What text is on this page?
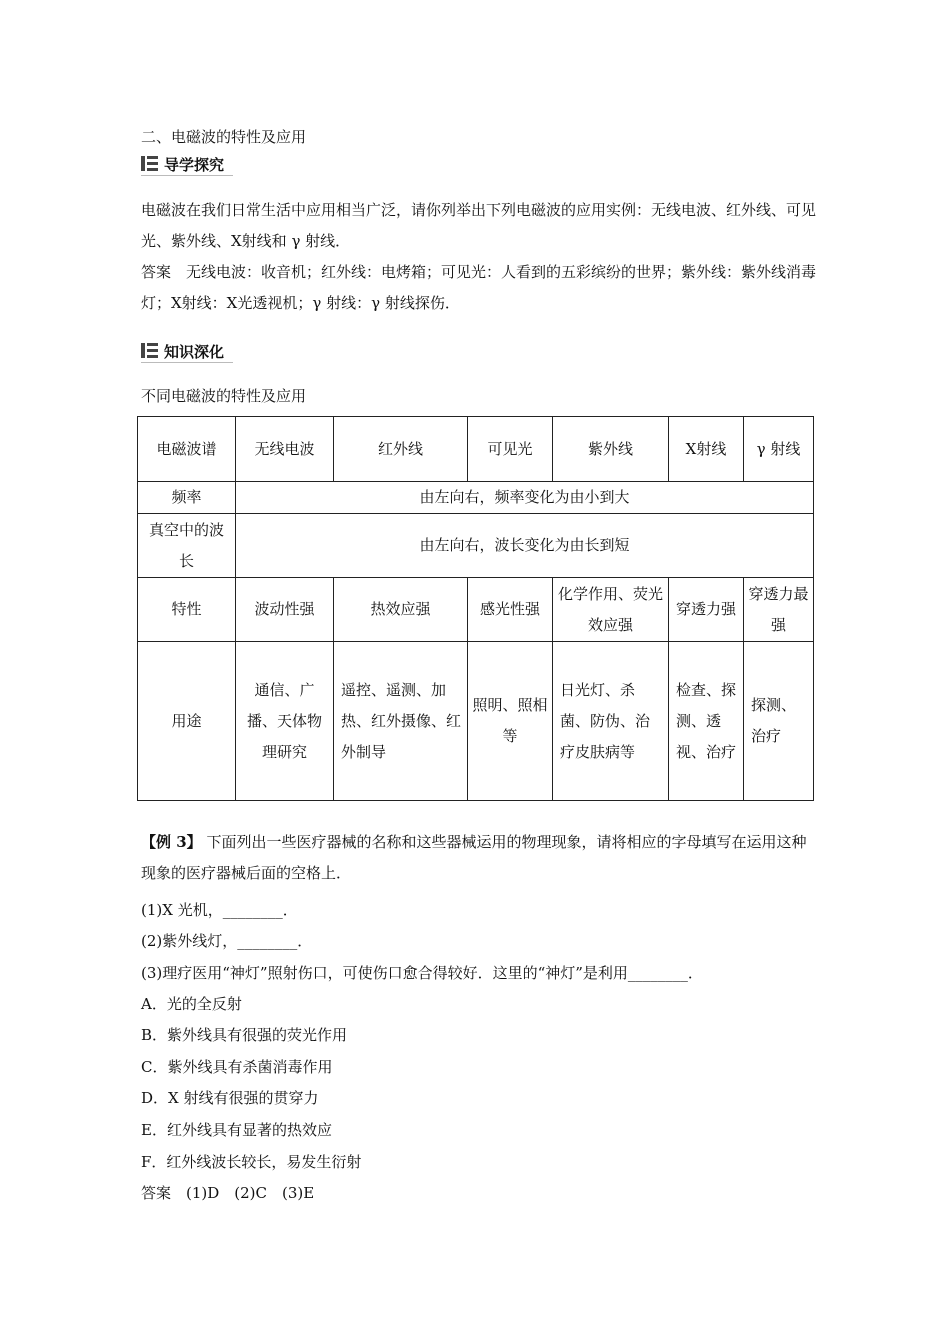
二、电磁波的特性及应用
导学探究
电磁波在我们日常生活中应用相当广泛，请你列举出下列电磁波的应用实例：无线电波、红外线、可见光、紫外线、X射线和 γ 射线．
答案　无线电波：收音机；红外线：电烤箱；可见光：人看到的五彩缤纷的世界；紫外线：紫外线消毒灯；X射线：X光透视机；γ 射线：γ 射线探伤．
知识深化
不同电磁波的特性及应用
电磁波谱	无线电波	红外线	可见光	紫外线	X射线	γ 射线
频率	由左向右，频率变化为由小到大					
真空中的波长	由左向右，波长变化为由长到短					
特性	波动性强	热效应强	感光性强	化学作用、荧光效应强	穿透力强	穿透力最强
用途	通信、广播、天体物理研究	遥控、遥测、加热、红外摄像、红外制导	照明、照相等	日光灯、杀菌、防伪、治疗皮肤病等	检查、探测、透视、治疗	探测、治疗
【例 3】 下面列出一些医疗器械的名称和这些器械运用的物理现象，请将相应的字母填写在运用这种现象的医疗器械后面的空格上．
(1)X 光机，________．
(2)紫外线灯，________．
(3)理疗医用“神灯”照射伤口，可使伤口愈合得较好．这里的“神灯”是利用________．
A．光的全反射
B．紫外线具有很强的荧光作用
C．紫外线具有杀菌消毒作用
D．X 射线有很强的贯穿力
E．红外线具有显著的热效应
F．红外线波长较长，易发生衍射
答案　(1)D　(2)C　(3)E
